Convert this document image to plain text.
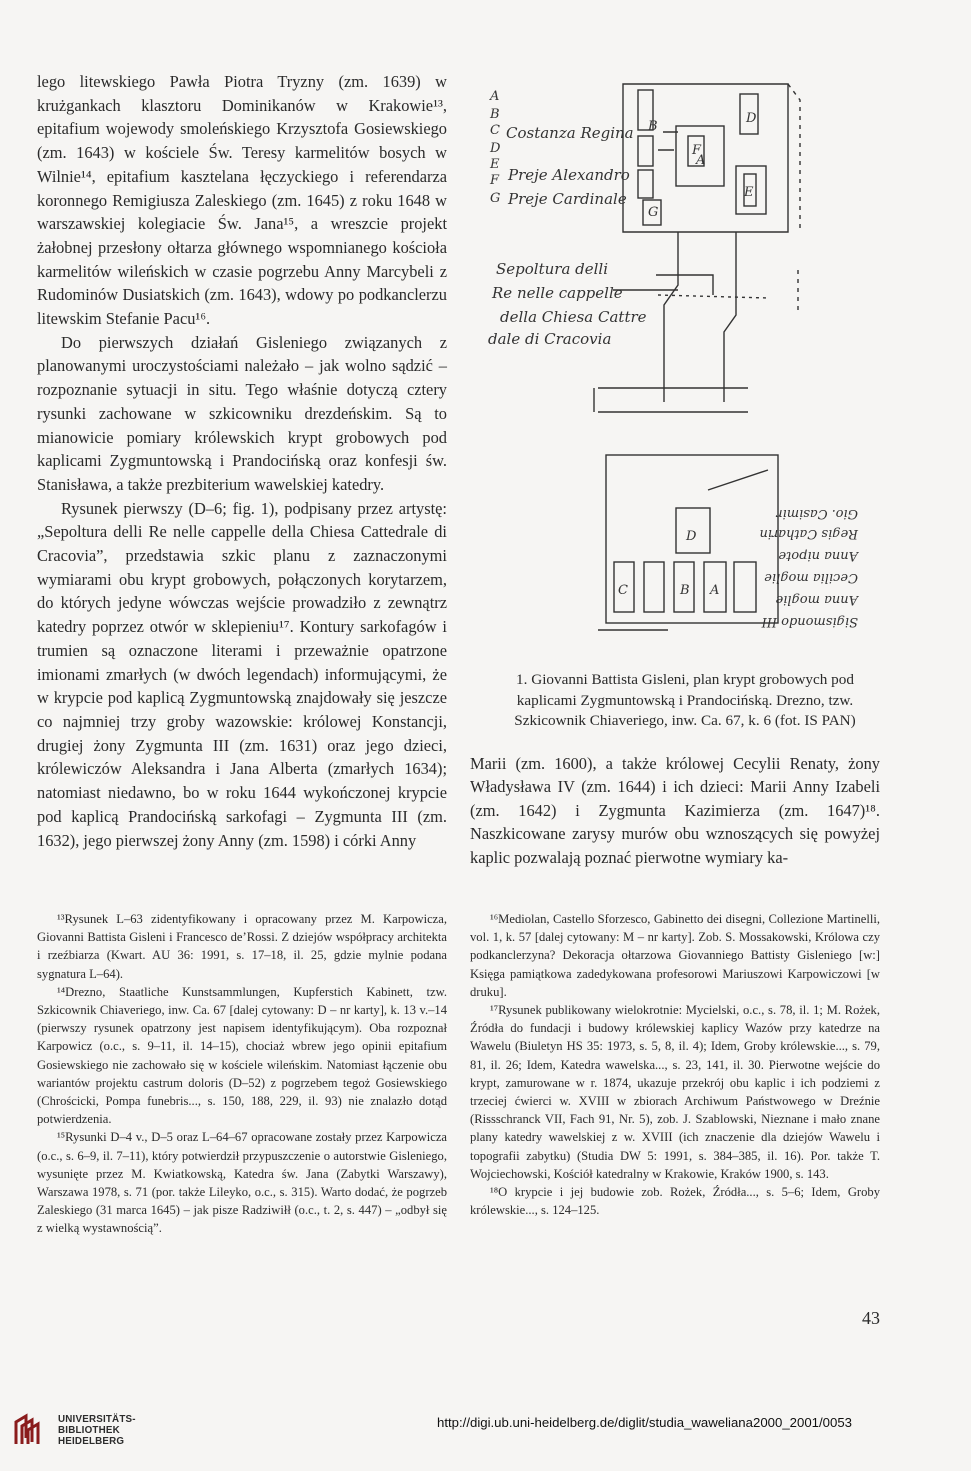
lego litewskiego Pawła Piotra Tryzny (zm. 1639) w krużgankach klasztoru Dominikanów w Krakowie¹³, epitafium wojewody smoleńskiego Krzysztofa Gosiewskiego (zm. 1643) w kościele Św. Teresy karmelitów bosych w Wilnie¹⁴, epitafium kasztelana łęczyckiego i referendarza koronnego Remigiusza Zaleskiego (zm. 1645) z roku 1648 w warszawskiej kolegiacie Św. Jana¹⁵, a wreszcie projekt żałobnej przesłony ołtarza głównego wspomnianego kościoła karmelitów wileńskich w czasie pogrzebu Anny Marcybeli z Rudominów Dusiatskich (zm. 1643), wdowy po podkanclerzu litewskim Stefanie Pacu¹⁶.

Do pierwszych działań Gisleniego związanych z planowanymi uroczystościami należało – jak wolno sądzić – rozpoznanie sytuacji in situ. Tego właśnie dotyczą cztery rysunki zachowane w szkicowniku drezdeńskim. Są to mianowicie pomiary królewskich krypt grobowych pod kaplicami Zygmuntowską i Prandocińską oraz konfesji św. Stanisława, a także prezbiterium wawelskiej katedry.

Rysunek pierwszy (D–6; fig. 1), podpisany przez artystę: „Sepoltura delli Re nelle cappelle della Chiesa Cattedrale di Cracovia”, przedstawia szkic planu z zaznaczonymi wymiarami obu krypt grobowych, połączonych korytarzem, do których jedyne wówczas wejście prowadziło z zewnątrz katedry poprzez otwór w sklepieniu¹⁷. Kontury sarkofagów i trumien są oznaczone literami i przeważnie opatrzone imionami zmarłych (w dwóch legendach) informującymi, że w krypcie pod kaplicą Zygmuntowską znajdowały się jeszcze co najmniej trzy groby wazowskie: królowej Konstancji, drugiej żony Zygmunta III (zm. 1631) oraz jego dzieci, królewiczów Aleksandra i Jana Alberta (zmarłych 1634); natomiast niedawno, bo w roku 1644 wykończonej krypcie pod kaplicą Prandocińską sarkofagi – Zygmunta III (zm. 1632), jego pierwszej żony Anny (zm. 1598) i córki Anny

A
B
C
D
E
F
G
Costanza Regina
Preje Alexandro
Preje Cardinale
Sepoltura delli
Re nelle cappelle
della Chiesa Cattre
dale di Cracovia
A
B
E
D
F
G
D
B A
C
Sigismondo III
Anna moglie
Cecilia moglie
Anna nipote
Regis Catharin
Gio. Casimir
1. Giovanni Battista Gisleni, plan krypt grobowych pod
kaplicami Zygmuntowską i Prandocińską. Drezno, tzw.
Szkicownik Chiaveriego, inw. Ca. 67, k. 6 (fot. IS PAN)

Marii (zm. 1600), a także królowej Cecylii Renaty, żony Władysława IV (zm. 1644) i ich dzieci: Marii Anny Izabeli (zm. 1642) i Zygmunta Kazimierza (zm. 1647)¹⁸. Naszkicowane zarysy murów obu wznoszących się powyżej kaplic pozwalają poznać pierwotne wymiary ka-

¹³Rysunek L–63 zidentyfikowany i opracowany przez M. Karpowicza, Giovanni Battista Gisleni i Francesco de’Rossi. Z dziejów współpracy architekta i rzeźbiarza (Kwart. AU 36: 1991, s. 17–18, il. 25, gdzie mylnie podana sygnatura L–64).

¹⁴Drezno, Staatliche Kunstsammlungen, Kupferstich Kabinett, tzw. Szkicownik Chiaveriego, inw. Ca. 67 [dalej cytowany: D – nr karty], k. 13 v.–14 (pierwszy rysunek opatrzony jest napisem identyfikującym). Oba rozpoznał Karpowicz (o.c., s. 9–11, il. 14–15), chociaż wbrew jego opinii epitafium Gosiewskiego nie zachowało się w kościele wileńskim. Natomiast łączenie obu wariantów projektu castrum doloris (D–52) z pogrzebem tegoż Gosiewskiego (Chrościcki, Pompa funebris..., s. 150, 188, 229, il. 93) nie znalazło dotąd potwierdzenia.

¹⁵Rysunki D–4 v., D–5 oraz L–64–67 opracowane zostały przez Karpowicza (o.c., s. 6–9, il. 7–11), który potwierdził przypuszczenie o autorstwie Gisleniego, wysunięte przez M. Kwiatkowską, Katedra św. Jana (Zabytki Warszawy), Warszawa 1978, s. 71 (por. także Lileyko, o.c., s. 315). Warto dodać, że pogrzeb Zaleskiego (31 marca 1645) – jak pisze Radziwiłł (o.c., t. 2, s. 447) – „odbył się z wielką wystawnością”.

¹⁶Mediolan, Castello Sforzesco, Gabinetto dei disegni, Collezione Martinelli, vol. 1, k. 57 [dalej cytowany: M – nr karty]. Zob. S. Mossakowski, Królowa czy podkanclerzyna? Dekoracja ołtarzowa Giovanniego Battisty Gisleniego [w:] Księga pamiątkowa zadedykowana profesorowi Mariuszowi Karpowiczowi [w druku].

¹⁷Rysunek publikowany wielokrotnie: Mycielski, o.c., s. 78, il. 1; M. Rożek, Źródła do fundacji i budowy królewskiej kaplicy Wazów przy katedrze na Wawelu (Biuletyn HS 35: 1973, s. 5, 8, il. 4); Idem, Groby królewskie..., s. 79, 81, il. 26; Idem, Katedra wawelska..., s. 23, 141, il. 30. Pierwotne wejście do krypt, zamurowane w r. 1874, ukazuje przekrój obu kaplic i ich podziemi z trzeciej ćwierci w. XVIII w zbiorach Archiwum Państwowego w Dreźnie (Rissschranck VII, Fach 91, Nr. 5), zob. J. Szablowski, Nieznane i mało znane plany katedry wawelskiej z w. XVIII (ich znaczenie dla dziejów Wawelu i topografii zabytku) (Studia DW 5: 1991, s. 384–385, il. 16). Por. także T. Wojciechowski, Kościół katedralny w Krakowie, Kraków 1900, s. 143.

¹⁸O krypcie i jej budowie zob. Rożek, Źródła..., s. 5–6; Idem, Groby królewskie..., s. 124–125.

43
UNIVERSITÄTS-
BIBLIOTHEK
HEIDELBERG
http://digi.ub.uni-heidelberg.de/diglit/studia_waweliana2000_2001/0053
